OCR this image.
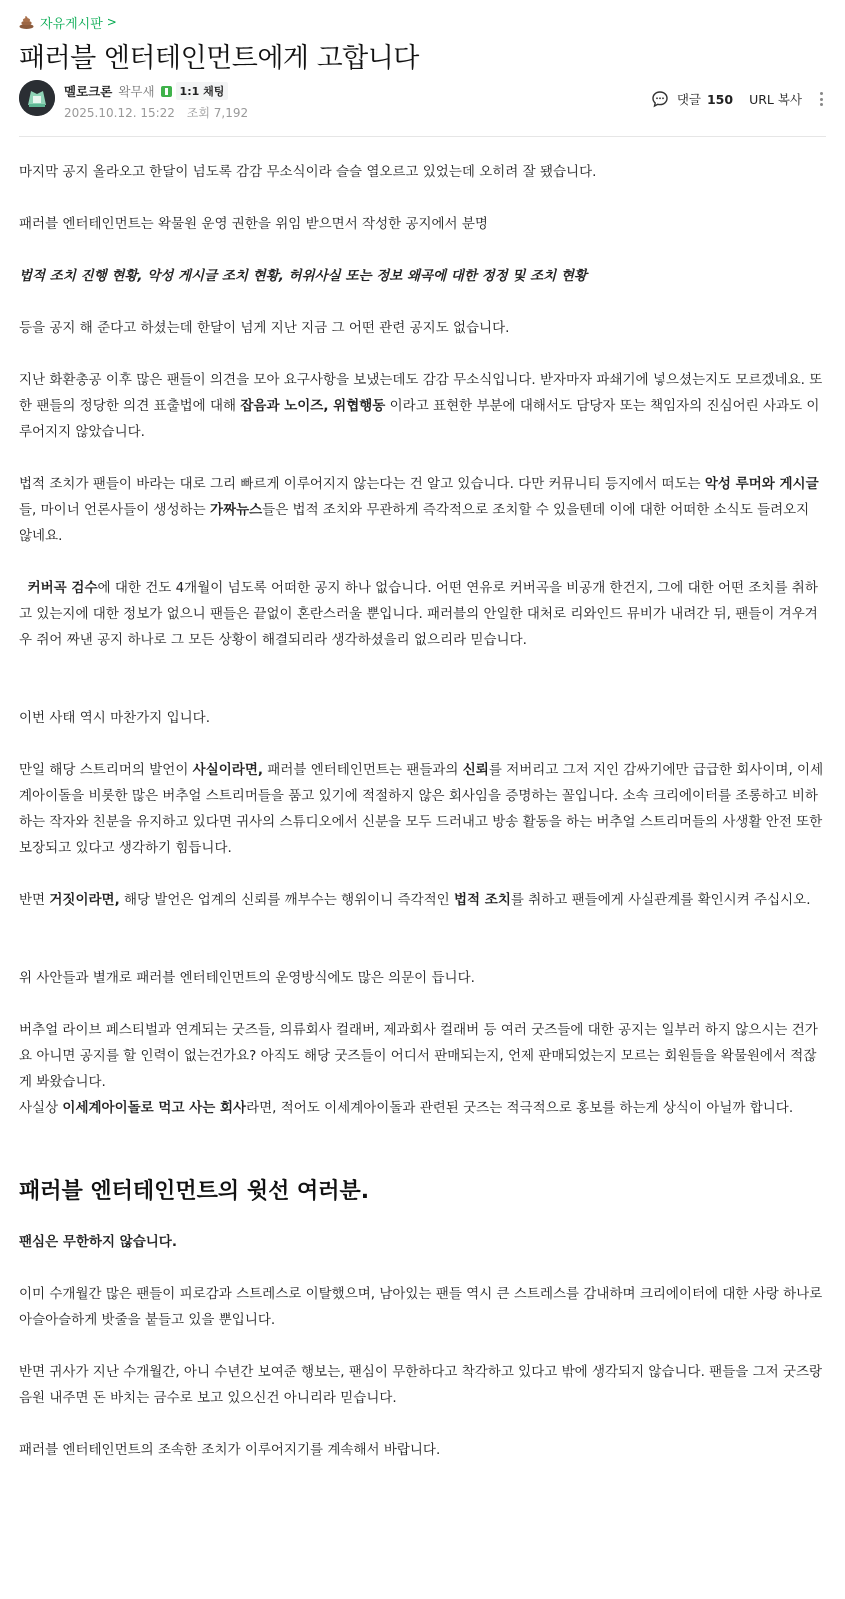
자유게시판 >
패러블 엔터테인먼트에게 고합니다
멜로크론 왁무새	1:1 채팅
2025.10.12. 15:22 조회 7,192
댓글 150 URL 복사

마지막 공지 올라오고 한달이 넘도록 감감 무소식이라 슬슬 열오르고 있었는데 오히려 잘 됐습니다.

패러블 엔터테인먼트는 왁물원 운영 권한을 위임 받으면서 작성한 공지에서 분명

법적 조치 진행 현황, 악성 게시글 조치 현황, 허위사실 또는 정보 왜곡에 대한 정정 및 조치 현황

등을 공지 해 준다고 하셨는데 한달이 넘게 지난 지금 그 어떤 관련 공지도 없습니다.

지난 화환총공 이후 많은 팬들이 의견을 모아 요구사항을 보냈는데도 감감 무소식입니다. 받자마자 파쇄기에 넣으셨는지도 모르겠네요. 또한 팬들의 정당한 의견 표출법에 대해 잡음과 노이즈, 위협행동 이라고 표현한 부분에 대해서도 담당자 또는 책임자의 진심어린 사과도 이루어지지 않았습니다.

법적 조치가 팬들이 바라는 대로 그리 빠르게 이루어지지 않는다는 건 알고 있습니다. 다만 커뮤니티 등지에서 떠도는 악성 루머와 게시글들, 마이너 언론사들이 생성하는 가짜뉴스들은 법적 조치와 무관하게 즉각적으로 조치할 수 있을텐데 이에 대한 어떠한 소식도 들려오지 않네요.

커버곡 검수에 대한 건도 4개월이 넘도록 어떠한 공지 하나 없습니다. 어떤 연유로 커버곡을 비공개 한건지, 그에 대한 어떤 조치를 취하고 있는지에 대한 정보가 없으니 팬들은 끝없이 혼란스러울 뿐입니다. 패러블의 안일한 대처로 리와인드 뮤비가 내려간 뒤, 팬들이 겨우겨우 쥐어 짜낸 공지 하나로 그 모든 상황이 해결되리라 생각하셨을리 없으리라 믿습니다.

이번 사태 역시 마찬가지 입니다.

만일 해당 스트리머의 발언이 사실이라면, 패러블 엔터테인먼트는 팬들과의 신뢰를 저버리고 그저 지인 감싸기에만 급급한 회사이며, 이세계아이돌을 비롯한 많은 버추얼 스트리머들을 품고 있기에 적절하지 않은 회사임을 증명하는 꼴입니다. 소속 크리에이터를 조롱하고 비하하는 작자와 친분을 유지하고 있다면 귀사의 스튜디오에서 신분을 모두 드러내고 방송 활동을 하는 버추얼 스트리머들의 사생활 안전 또한 보장되고 있다고 생각하기 힘듭니다.

반면 거짓이라면, 해당 발언은 업계의 신뢰를 깨부수는 행위이니 즉각적인 법적 조치를 취하고 팬들에게 사실관계를 확인시켜 주십시오.

위 사안들과 별개로 패러블 엔터테인먼트의 운영방식에도 많은 의문이 듭니다.

버추얼 라이브 페스티벌과 연계되는 굿즈들, 의류회사 컬래버, 제과회사 컬래버 등 여러 굿즈들에 대한 공지는 일부러 하지 않으시는 건가요 아니면 공지를 할 인력이 없는건가요? 아직도 해당 굿즈들이 어디서 판매되는지, 언제 판매되었는지 모르는 회원들을 왁물원에서 적잖게 봐왔습니다.

사실상 이세계아이돌로 먹고 사는 회사라면, 적어도 이세계아이돌과 관련된 굿즈는 적극적으로 홍보를 하는게 상식이 아닐까 합니다.

패러블 엔터테인먼트의 윗선 여러분.

팬심은 무한하지 않습니다.

이미 수개월간 많은 팬들이 피로감과 스트레스로 이탈했으며, 남아있는 팬들 역시 큰 스트레스를 감내하며 크리에이터에 대한 사랑 하나로 아슬아슬하게 밧줄을 붙들고 있을 뿐입니다.

반면 귀사가 지난 수개월간, 아니 수년간 보여준 행보는, 팬심이 무한하다고 착각하고 있다고 밖에 생각되지 않습니다. 팬들을 그저 굿즈랑 음원 내주면 돈 바치는 금수로 보고 있으신건 아니리라 믿습니다.

패러블 엔터테인먼트의 조속한 조치가 이루어지기를 계속해서 바랍니다.
